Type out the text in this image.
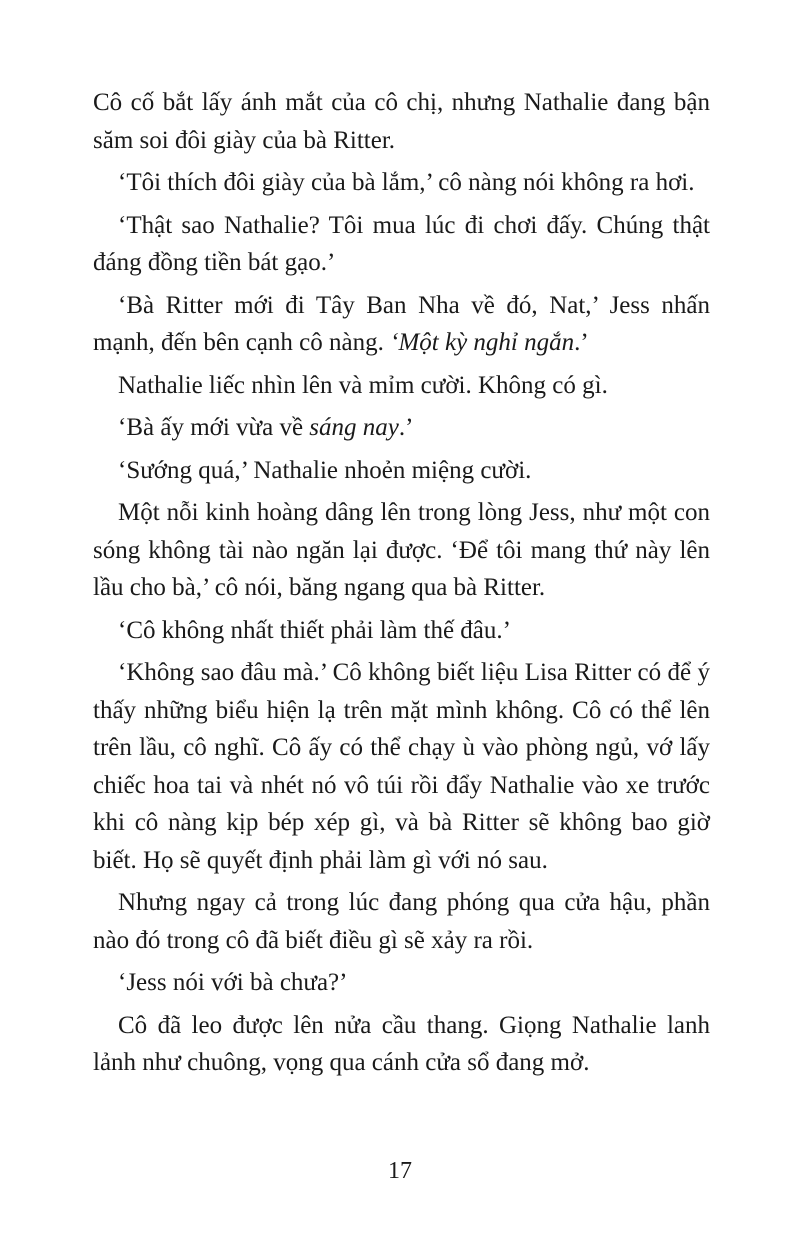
Cô cố bắt lấy ánh mắt của cô chị, nhưng Nathalie đang bận săm soi đôi giày của bà Ritter.

‘Tôi thích đôi giày của bà lắm,’ cô nàng nói không ra hơi.

‘Thật sao Nathalie? Tôi mua lúc đi chơi đấy. Chúng thật đáng đồng tiền bát gạo.’

‘Bà Ritter mới đi Tây Ban Nha về đó, Nat,’ Jess nhấn mạnh, đến bên cạnh cô nàng. ‘Một kỳ nghỉ ngắn.’

Nathalie liếc nhìn lên và mỉm cười. Không có gì.

‘Bà ấy mới vừa về sáng nay.’

‘Sướng quá,’ Nathalie nhoẻn miệng cười.

Một nỗi kinh hoàng dâng lên trong lòng Jess, như một con sóng không tài nào ngăn lại được. ‘Để tôi mang thứ này lên lầu cho bà,’ cô nói, băng ngang qua bà Ritter.

‘Cô không nhất thiết phải làm thế đâu.’

‘Không sao đâu mà.’ Cô không biết liệu Lisa Ritter có để ý thấy những biểu hiện lạ trên mặt mình không. Cô có thể lên trên lầu, cô nghĩ. Cô ấy có thể chạy ù vào phòng ngủ, vớ lấy chiếc hoa tai và nhét nó vô túi rồi đẩy Nathalie vào xe trước khi cô nàng kịp bép xép gì, và bà Ritter sẽ không bao giờ biết. Họ sẽ quyết định phải làm gì với nó sau.

Nhưng ngay cả trong lúc đang phóng qua cửa hậu, phần nào đó trong cô đã biết điều gì sẽ xảy ra rồi.

‘Jess nói với bà chưa?’

Cô đã leo được lên nửa cầu thang. Giọng Nathalie lanh lảnh như chuông, vọng qua cánh cửa sổ đang mở.

17
